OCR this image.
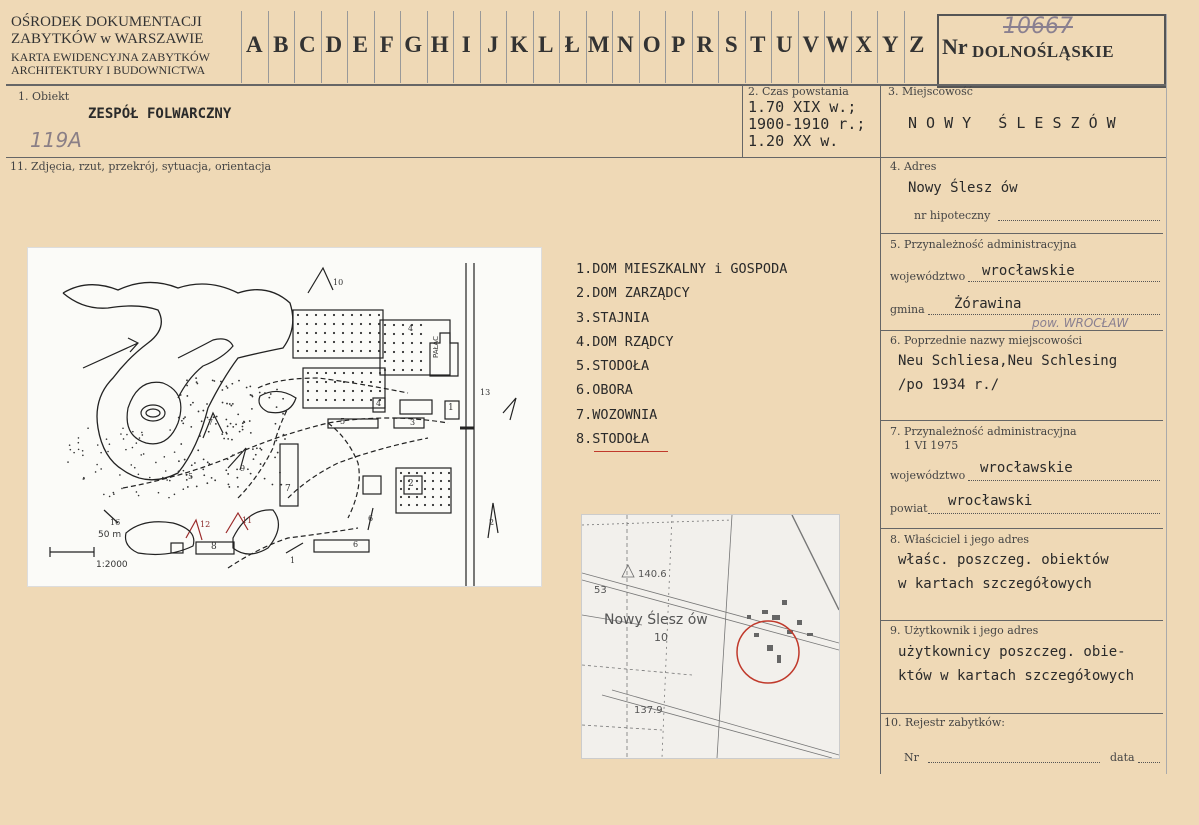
OŚRODEK DOKUMENTACJI
ZABYTKÓW w WARSZAWIE
KARTA EWIDENCYJNA ZABYTKÓW
ARCHITEKTURY I BUDOWNICTWA
A B C D E F G H I J K L Ł M N O P R S T U V W X Y Z Nr DOLNOŚLĄSKIE
10667
1. Obiekt
ZESPÓŁ FOLWARCZNY
119A
2. Czas powstania
1.70 XIX w.;
1900-1910 r.;
1.20 XX w.
3. Miejscowość
N O W Y   Ś L E S Z Ó W
11. Zdjęcia, rzut, przekrój, sytuacja, orientacja	4. Adres
Nowy Ślesz ów
nr hipoteczny
5. Przynależność administracyjna
województwo wrocławskie
gmina Żórawina
pow. WROCŁAW
6. Poprzednie nazwy miejscowości
Neu Schliesa,Neu Schlesing
/po 1934 r./
7. Przynależność administracyjna
1 VI 1975
województwo wrocławskie
powiat wrocławski
8. Właściciel i jego adres
właśc. poszczeg. obiektów
w kartach szczegółowych
9. Użytkownik i jego adres
użytkownicy poszczeg. obie-
któw w kartach szczegółowych
10. Rejestr zabytków:
Nr	data
50 m
1:2000
PAŁAC
1
2
3
4
5
6
7
8
1
2
4
5
6
7
9
10
11
12
13
16
1.DOM MIESZKALNY i GOSPODA
2.DOM ZARZĄDCY
3.STAJNIA
4.DOM RZĄDCY
5.STODOŁA
6.OBORA
7.WOZOWNIA
8.STODOŁA
140.6
53
Nowy Ślesz ów
10
137.9
